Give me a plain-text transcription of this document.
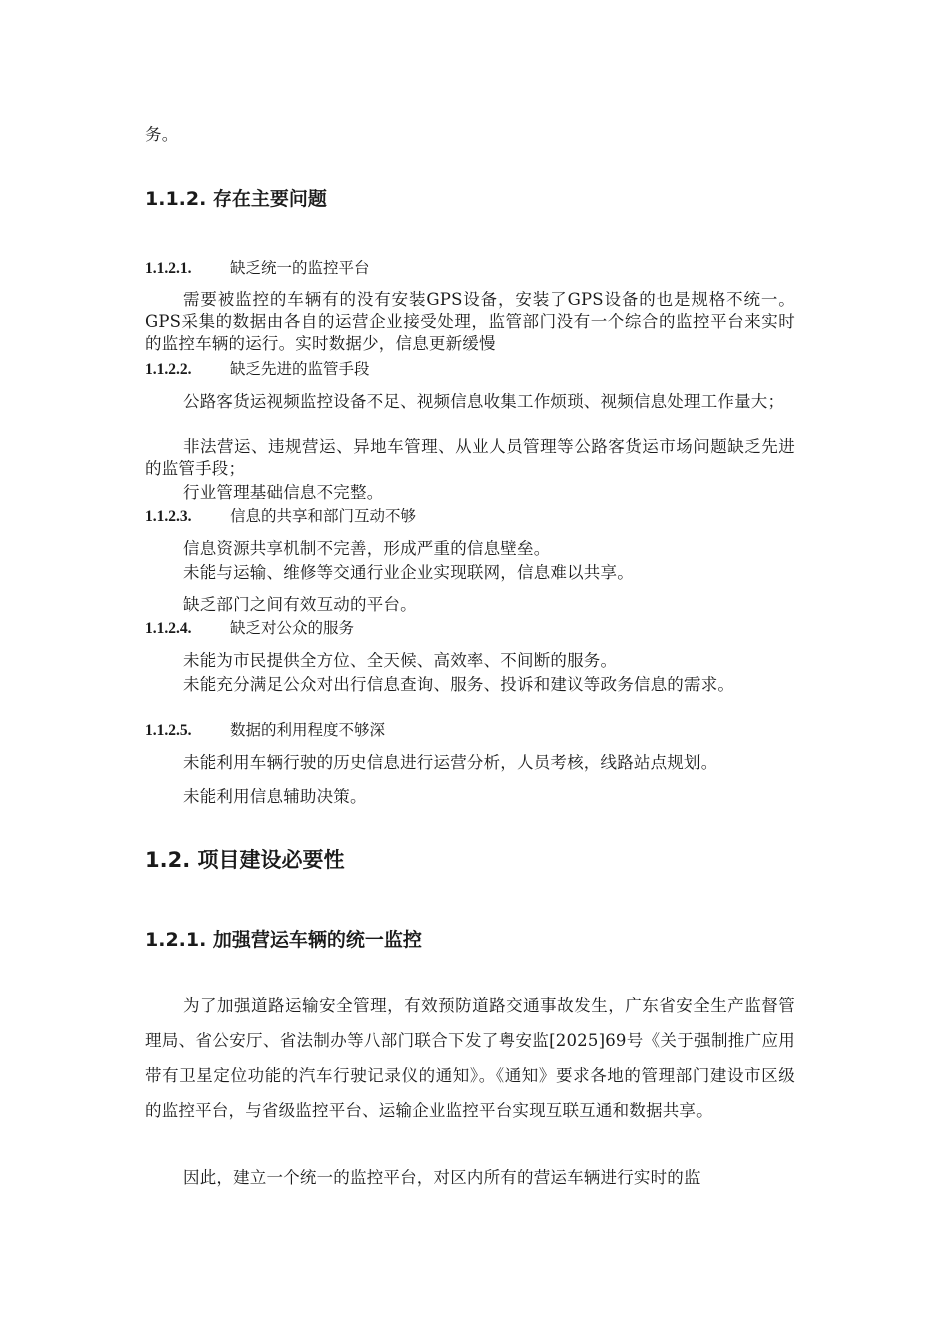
务。

1.1.2. 存在主要问题
1.1.2.1. 缺乏统一的监控平台

需要被监控的车辆有的没有安装GPS设备，安装了GPS设备的也是规格不统一。GPS采集的数据由各自的运营企业接受处理，监管部门没有一个综合的监控平台来实时的监控车辆的运行。实时数据少，信息更新缓慢

1.1.2.2. 缺乏先进的监管手段

公路客货运视频监控设备不足、视频信息收集工作烦琐、视频信息处理工作量大；

非法营运、违规营运、异地车管理、从业人员管理等公路客货运市场问题缺乏先进的监管手段；

行业管理基础信息不完整。

1.1.2.3. 信息的共享和部门互动不够

信息资源共享机制不完善，形成严重的信息壁垒。

未能与运输、维修等交通行业企业实现联网，信息难以共享。

缺乏部门之间有效互动的平台。

1.1.2.4. 缺乏对公众的服务

未能为市民提供全方位、全天候、高效率、不间断的服务。

未能充分满足公众对出行信息查询、服务、投诉和建议等政务信息的需求。

1.1.2.5. 数据的利用程度不够深

未能利用车辆行驶的历史信息进行运营分析，人员考核，线路站点规划。

未能利用信息辅助决策。

1.2. 项目建设必要性
1.2.1. 加强营运车辆的统一监控

为了加强道路运输安全管理，有效预防道路交通事故发生，广东省安全生产监督管理局、省公安厅、省法制办等八部门联合下发了粤安监[2025]69号《关于强制推广应用带有卫星定位功能的汽车行驶记录仪的通知》。《通知》要求各地的管理部门建设市区级的监控平台，与省级监控平台、运输企业监控平台实现互联互通和数据共享。

因此，建立一个统一的监控平台，对区内所有的营运车辆进行实时的监
